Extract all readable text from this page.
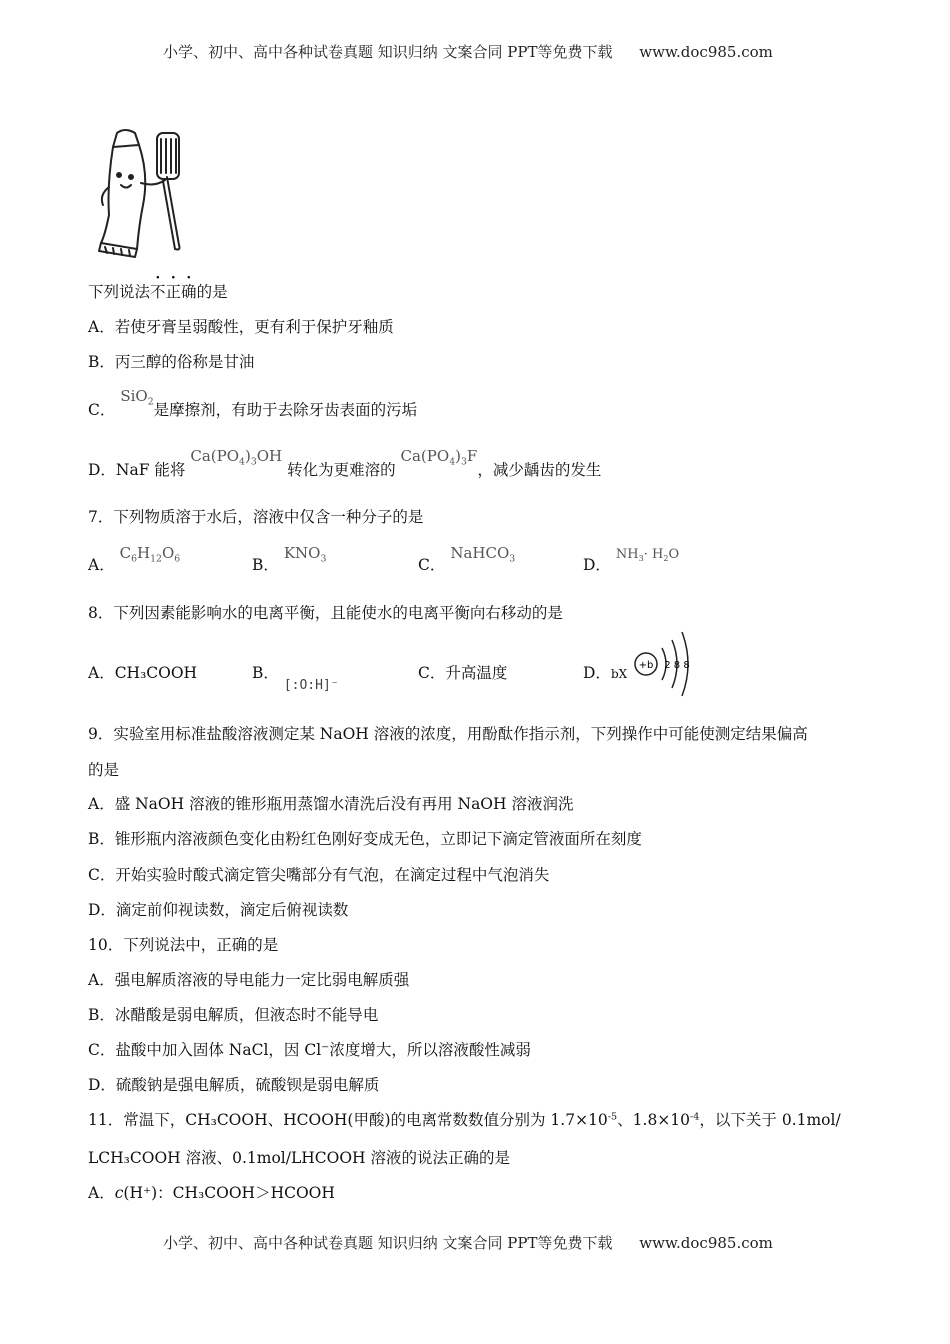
小学、初中、高中各种试卷真题 知识归纳 文案合同 PPT等免费下载 www.doc985.com
下列说法不正确的是
A．若使牙膏呈弱酸性，更有利于保护牙釉质
B．丙三醇的俗称是甘油
C． SiO$_2$是摩擦剂，有助于去除牙齿表面的污垢
D．NaF 能将 $Ca(PO_4)_3OH$ 转化为更难溶的 $Ca(PO_4)_3F$，减少龋齿的发生
7．下列物质溶于水后，溶液中仅含一种分子的是
A． $C_6H_{12}O_6$	B． $KNO_3$	C． NaHCO$_3$	D． $^{NH_3\cdot H_2O}$
8．下列因素能影响水的电离平衡，且能使水的电离平衡向右移动的是
A．CH₃COOH	B． $_{[:O:H]^-}$
C．升高温度	D．bX
+b 2 8 8
9．实验室用标准盐酸溶液测定某 NaOH 溶液的浓度，用酚酞作指示剂，下列操作中可能使测定结果偏高
的是
A．盛 NaOH 溶液的锥形瓶用蒸馏水清洗后没有再用 NaOH 溶液润洗
B．锥形瓶内溶液颜色变化由粉红色刚好变成无色，立即记下滴定管液面所在刻度
C．开始实验时酸式滴定管尖嘴部分有气泡，在滴定过程中气泡消失
D．滴定前仰视读数，滴定后俯视读数
10．下列说法中，正确的是
A．强电解质溶液的导电能力一定比弱电解质强
B．冰醋酸是弱电解质，但液态时不能导电
C．盐酸中加入固体 NaCl，因 Cl⁻浓度增大，所以溶液酸性减弱
D．硫酸钠是强电解质，硫酸钡是弱电解质
11．常温下，CH₃COOH、HCOOH(甲酸)的电离常数数值分别为 $1.7\times 10^{-5}$、$1.8\times 10^{-4}$，以下关于 0.1mol/
LCH₃COOH 溶液、0.1mol/LHCOOH 溶液的说法正确的是
A．c(H⁺)：CH₃COOH＞HCOOH
小学、初中、高中各种试卷真题 知识归纳 文案合同 PPT等免费下载 www.doc985.com
